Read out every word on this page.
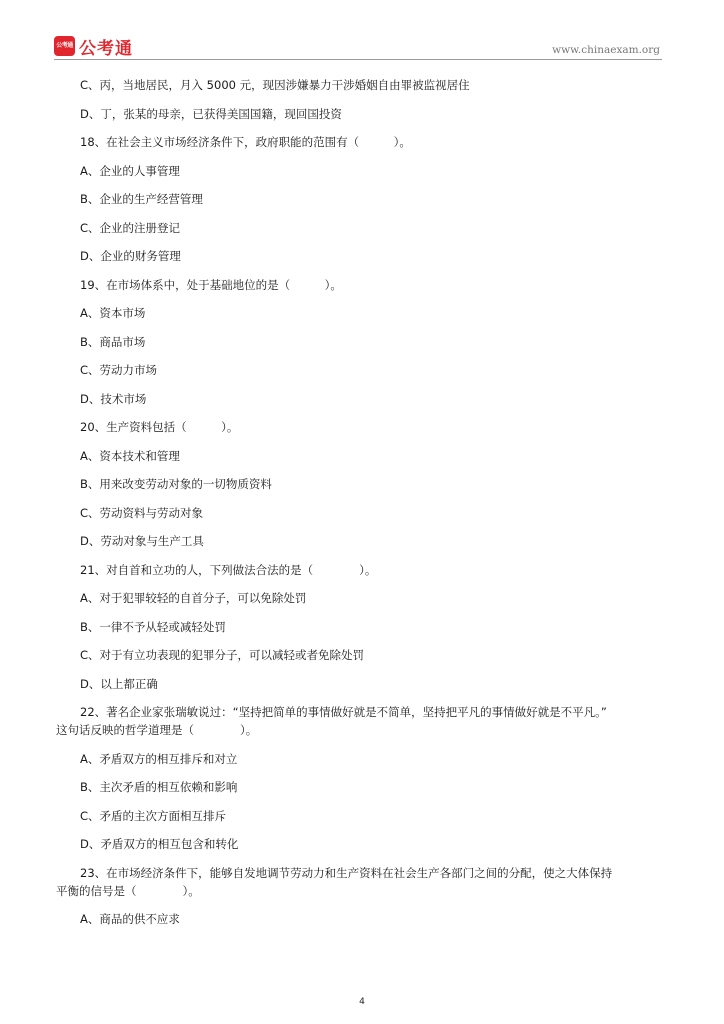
公考通 公考通	www.chinaexam.org
C、丙，当地居民，月入 5000 元，现因涉嫌暴力干涉婚姻自由罪被监视居住
D、丁，张某的母亲，已获得美国国籍，现回国投资
18、在社会主义市场经济条件下，政府职能的范围有（　　　）。
A、企业的人事管理
B、企业的生产经营管理
C、企业的注册登记
D、企业的财务管理
19、在市场体系中，处于基础地位的是（　　　）。
A、资本市场
B、商品市场
C、劳动力市场
D、技术市场
20、生产资料包括（　　　）。
A、资本技术和管理
B、用来改变劳动对象的一切物质资料
C、劳动资料与劳动对象
D、劳动对象与生产工具
21、对自首和立功的人，下列做法合法的是（　　　　）。
A、对于犯罪较轻的自首分子，可以免除处罚
B、一律不予从轻或减轻处罚
C、对于有立功表现的犯罪分子，可以减轻或者免除处罚
D、以上都正确
22、著名企业家张瑞敏说过：“坚持把简单的事情做好就是不简单，坚持把平凡的事情做好就是不平凡。”
这句话反映的哲学道理是（　　　　）。
A、矛盾双方的相互排斥和对立
B、主次矛盾的相互依赖和影响
C、矛盾的主次方面相互排斥
D、矛盾双方的相互包含和转化
23、在市场经济条件下，能够自发地调节劳动力和生产资料在社会生产各部门之间的分配，使之大体保持
平衡的信号是（　　　　）。
A、商品的供不应求
4
